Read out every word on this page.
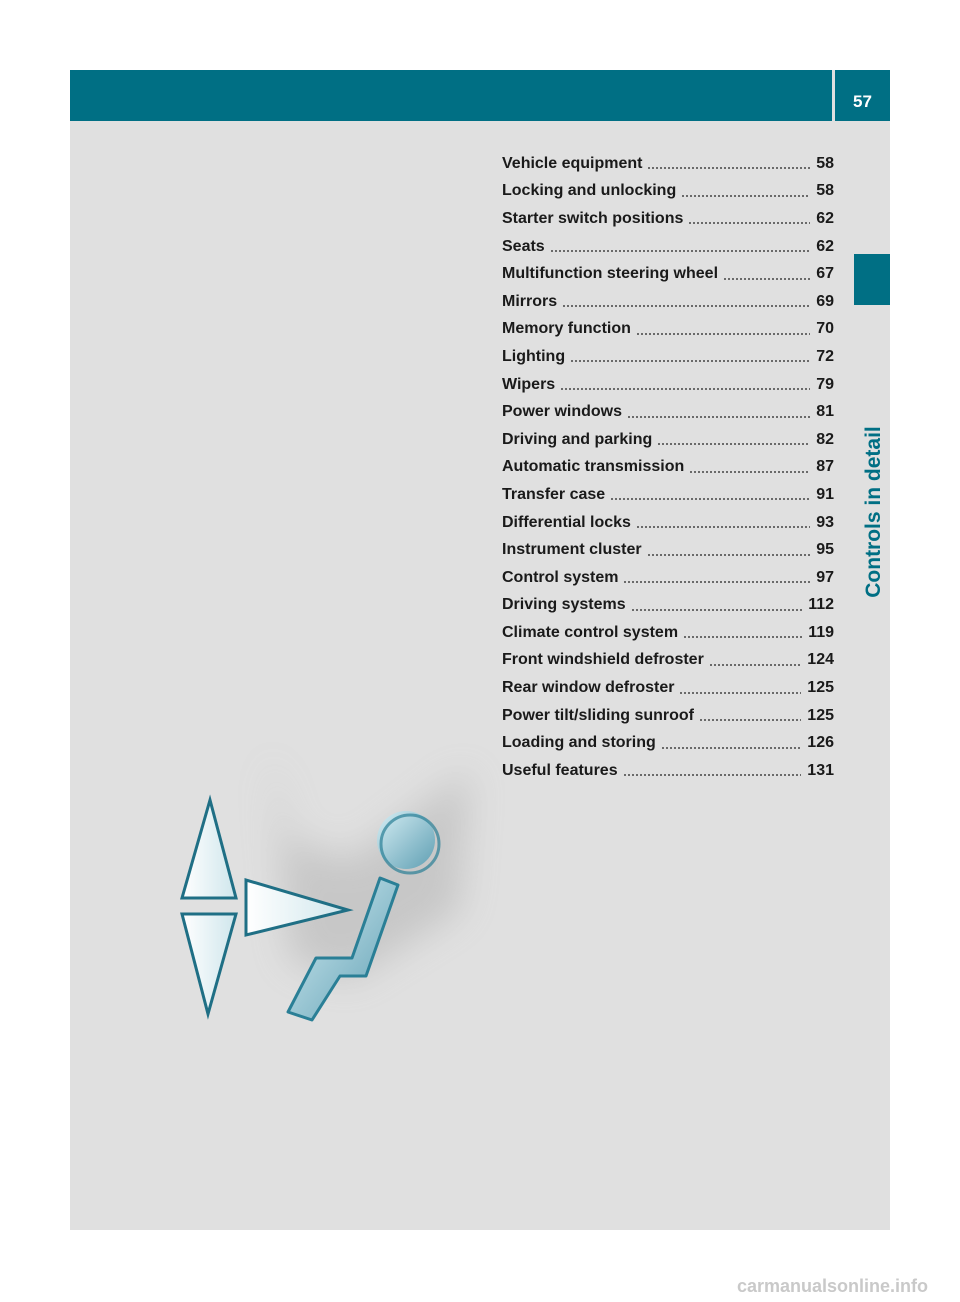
57
Controls in detail
Vehicle equipment	58
Locking and unlocking	58
Starter switch positions	62
Seats	62
Multifunction steering wheel	67
Mirrors	69
Memory function	70
Lighting	72
Wipers	79
Power windows	81
Driving and parking	82
Automatic transmission	87
Transfer case	91
Differential locks	93
Instrument cluster	95
Control system	97
Driving systems	112
Climate control system	119
Front windshield defroster	124
Rear window defroster	125
Power tilt/sliding sunroof	125
Loading and storing	126
Useful features	131
carmanualsonline.info
